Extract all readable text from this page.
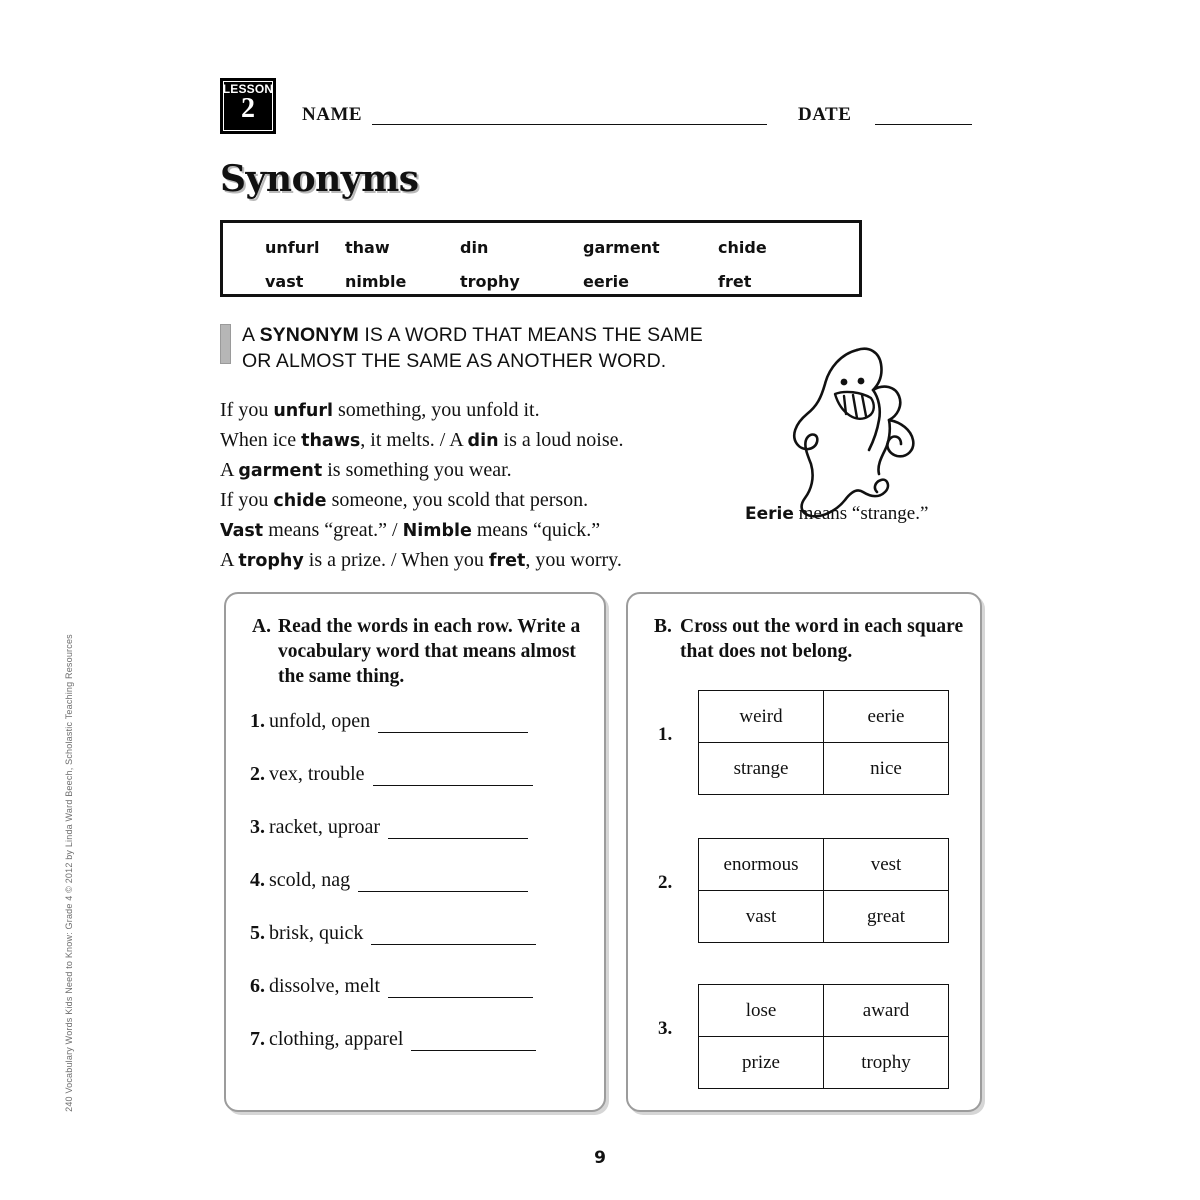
LESSON
2 NAME	DATE
Synonyms
unfurl	thaw	din	garment	chide
vast	nimble	trophy	eerie	fret
A SYNONYM IS A WORD THAT MEANS THE SAME
OR ALMOST THE SAME AS ANOTHER WORD.
If you unfurl something, you unfold it.
When ice thaws, it melts. / A din is a loud noise.
A garment is something you wear.
If you chide someone, you scold that person.
Vast means “great.” / Nimble means “quick.”
A trophy is a prize. / When you fret, you worry.
Eerie means “strange.”
A. Read the words in each row. Write a vocabulary word that means almost the same thing.
1. unfold, open
2. vex, trouble
3. racket, uproar
4. scold, nag
5. brisk, quick
6. dissolve, melt
7. clothing, apparel
B. Cross out the word in each square that does not belong.
1.
weird	eerie
strange	nice
2.
enormous	vest
vast	great
3.
lose	award
prize	trophy
9
240 Vocabulary Words Kids Need to Know: Grade 4 © 2012 by Linda Ward Beech, Scholastic Teaching Resources
